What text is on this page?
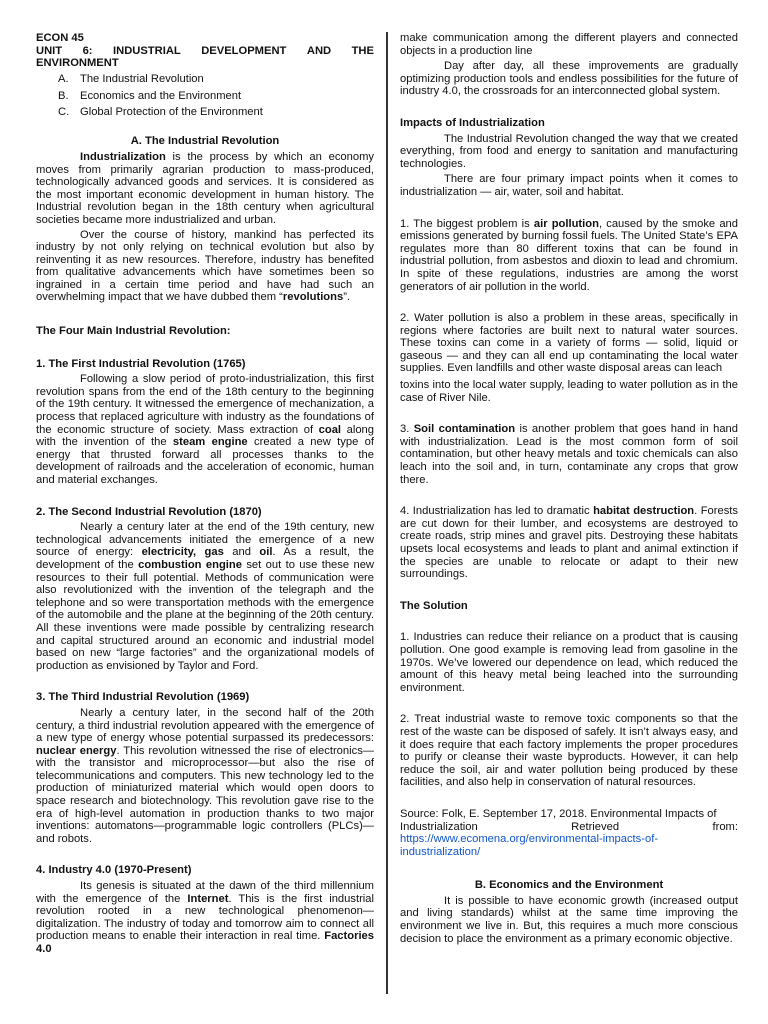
ECON 45
UNIT 6: INDUSTRIAL DEVELOPMENT AND THE
ENVIRONMENT
A.	The Industrial Revolution
B.	Economics and the Environment
C. Global Protection of the Environment
A. The Industrial Revolution

Industrialization is the process by which an economy moves from primarily agrarian production to mass-produced, technologically advanced goods and services. It is considered as the most important economic development in human history. The Industrial revolution began in the 18th century when agricultural societies became more industrialized and urban.

Over the course of history, mankind has perfected its industry by not only relying on technical evolution but also by reinventing it as new resources. Therefore, industry has benefited from qualitative advancements which have sometimes been so ingrained in a certain time period and have had such an overwhelming impact that we have dubbed them “revolutions”.

The Four Main Industrial Revolution:
1. The First Industrial Revolution (1765)

Following a slow period of proto-industrialization, this first revolution spans from the end of the 18th century to the beginning of the 19th century. It witnessed the emergence of mechanization, a process that replaced agriculture with industry as the foundations of the economic structure of society. Mass extraction of coal along with the invention of the steam engine created a new type of energy that thrusted forward all processes thanks to the development of railroads and the acceleration of economic, human and material exchanges.

2. The Second Industrial Revolution (1870)

Nearly a century later at the end of the 19th century, new technological advancements initiated the emergence of a new source of energy: electricity, gas and oil. As a result, the development of the combustion engine set out to use these new resources to their full potential. Methods of communication were also revolutionized with the invention of the telegraph and the telephone and so were transportation methods with the emergence of the automobile and the plane at the beginning of the 20th century. All these inventions were made possible by centralizing research and capital structured around an economic and industrial model based on new “large factories” and the organizational models of production as envisioned by Taylor and Ford.

3. The Third Industrial Revolution (1969)

Nearly a century later, in the second half of the 20th century, a third industrial revolution appeared with the emergence of a new type of energy whose potential surpassed its predecessors: nuclear energy. This revolution witnessed the rise of electronics—with the transistor and microprocessor—but also the rise of telecommunications and computers. This new technology led to the production of miniaturized material which would open doors to space research and biotechnology. This revolution gave rise to the era of high-level automation in production thanks to two major inventions: automatons—programmable logic controllers (PLCs)—and robots.

4. Industry 4.0 (1970-Present)

Its genesis is situated at the dawn of the third millennium with the emergence of the Internet. This is the first industrial revolution rooted in a new technological phenomenon—digitalization. The industry of today and tomorrow aim to connect all production means to enable their interaction in real time. Factories 4.0

make communication among the different players and connected objects in a production line

Day after day, all these improvements are gradually optimizing production tools and endless possibilities for the future of industry 4.0, the crossroads for an interconnected global system.

Impacts of Industrialization

The Industrial Revolution changed the way that we created everything, from food and energy to sanitation and manufacturing technologies.

There are four primary impact points when it comes to industrialization — air, water, soil and habitat.

1. The biggest problem is air pollution, caused by the smoke and emissions generated by burning fossil fuels. The United State’s EPA regulates more than 80 different toxins that can be found in industrial pollution, from asbestos and dioxin to lead and chromium. In spite of these regulations, industries are among the worst generators of air pollution in the world.

2. Water pollution is also a problem in these areas, specifically in regions where factories are built next to natural water sources. These toxins can come in a variety of forms — solid, liquid or gaseous — and they can all end up contaminating the local water supplies. Even landfills and other waste disposal areas can leach

toxins into the local water supply, leading to water pollution as in the case of River Nile.

3. Soil contamination is another problem that goes hand in hand with industrialization. Lead is the most common form of soil contamination, but other heavy metals and toxic chemicals can also leach into the soil and, in turn, contaminate any crops that grow there.

4. Industrialization has led to dramatic habitat destruction. Forests are cut down for their lumber, and ecosystems are destroyed to create roads, strip mines and gravel pits. Destroying these habitats upsets local ecosystems and leads to plant and animal extinction if the species are unable to relocate or adapt to their new surroundings.

The Solution

1. Industries can reduce their reliance on a product that is causing pollution. One good example is removing lead from gasoline in the 1970s. We’ve lowered our dependence on lead, which reduced the amount of this heavy metal being leached into the surrounding environment.

2. Treat industrial waste to remove toxic components so that the rest of the waste can be disposed of safely. It isn’t always easy, and it does require that each factory implements the proper procedures to purify or cleanse their waste byproducts. However, it can help reduce the soil, air and water pollution being produced by these facilities, and also help in conservation of natural resources.

Source: Folk, E. September 17, 2018. Environmental Impacts of

Industrialization	Retrieved	from:
https://www.ecomena.org/environmental-impacts-of-
industrialization/
B. Economics and the Environment

It is possible to have economic growth (increased output and living standards) whilst at the same time improving the environment we live in. But, this requires a much more conscious decision to place the environment as a primary economic objective.
